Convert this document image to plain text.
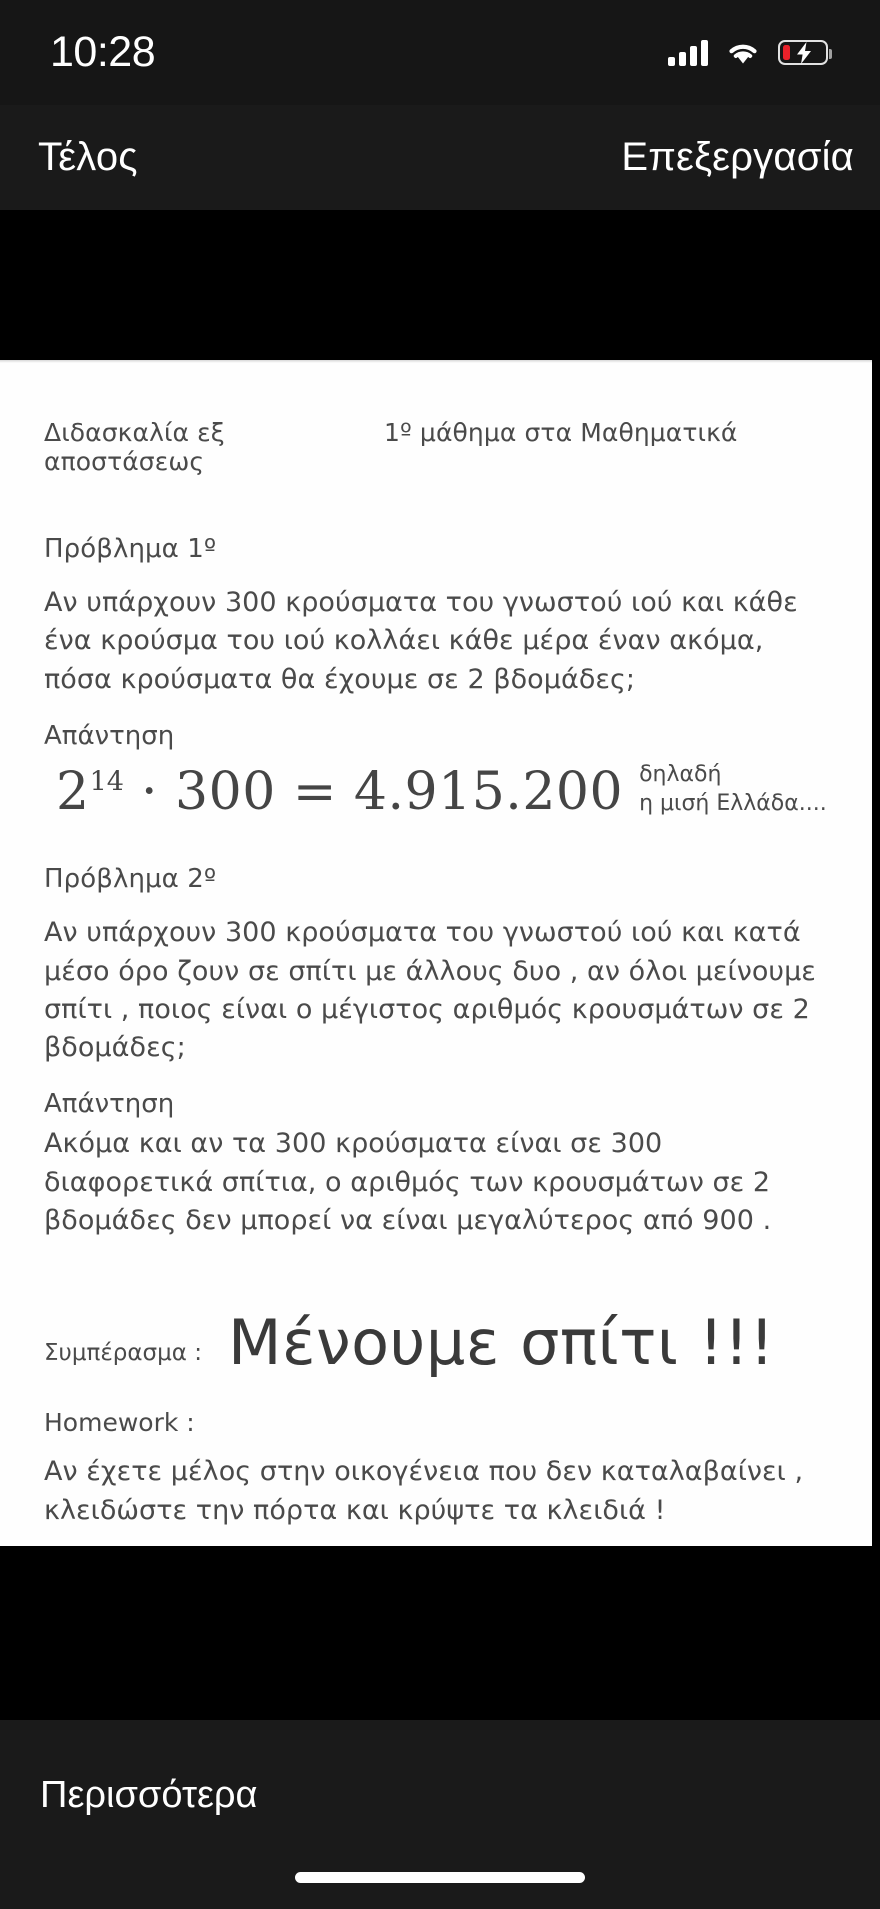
10:28
Τέλος	Επεξεργασία
Διδασκαλία εξ αποστάσεως
1º μάθημα στα Μαθηματικά
Πρόβλημα 1º
Αν υπάρχουν 300 κρούσματα του γνωστού ιού και κάθε ένα κρούσμα του ιού κολλάει κάθε μέρα έναν ακόμα, πόσα κρούσματα θα έχουμε σε 2 βδομάδες;
Απάντηση
$2^{14} \cdot 300 = 4.915.200$ δηλαδή
η μισή Ελλάδα....
Πρόβλημα 2º
Αν υπάρχουν 300 κρούσματα του γνωστού ιού και κατά μέσο όρο ζουν σε σπίτι με άλλους δυο , αν όλοι μείνουμε σπίτι , ποιος είναι ο μέγιστος αριθμός κρουσμάτων σε 2 βδομάδες;
Απάντηση
Ακόμα και αν τα 300 κρούσματα είναι σε 300 διαφορετικά σπίτια, ο αριθμός των κρουσμάτων σε 2 βδομάδες δεν μπορεί να είναι μεγαλύτερος από 900 .
Συμπέρασμα : Μένουμε σπίτι !!!
Homework :
Αν έχετε μέλος στην οικογένεια που δεν καταλαβαίνει , κλειδώστε την πόρτα και κρύψτε τα κλειδιά !
Περισσότερα
